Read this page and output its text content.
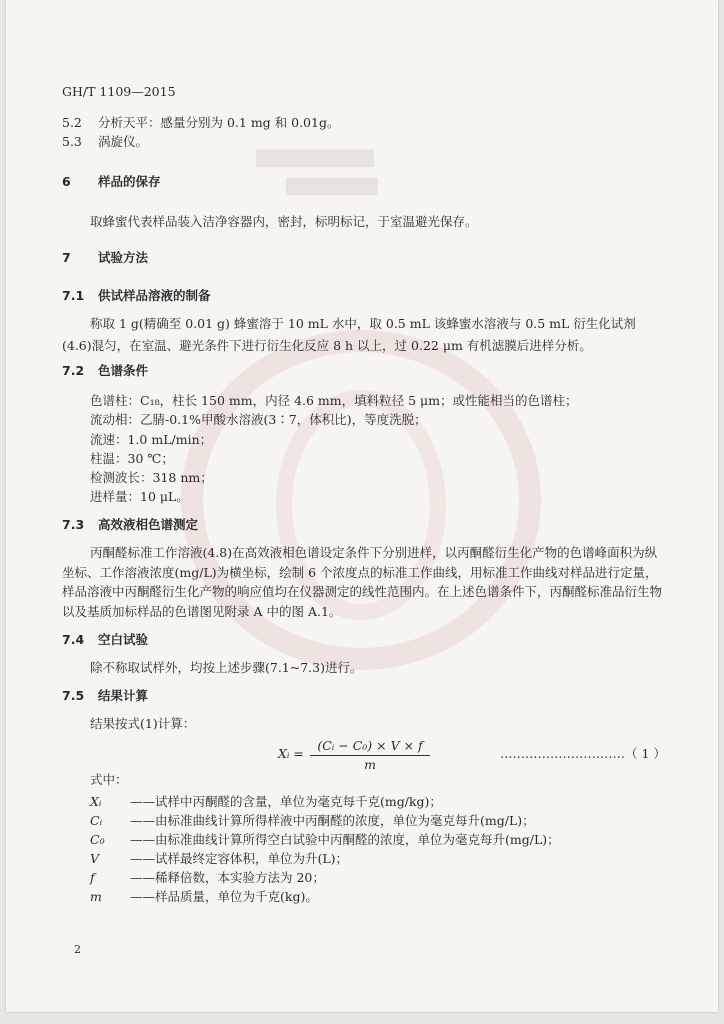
▇▇▇▇▇▇▇▇▇
▇▇▇▇▇▇▇
GH/T 1109—2015
5.2 分析天平：感量分别为 0.1 mg 和 0.01g。
5.3 涡旋仪。
6 样品的保存
取蜂蜜代表样品装入洁净容器内，密封，标明标记，于室温避光保存。
7 试验方法
7.1 供试样品溶液的制备
称取 1 g(精确至 0.01 g) 蜂蜜溶于 10 mL 水中，取 0.5 mL 该蜂蜜水溶液与 0.5 mL 衍生化试剂(4.6)混匀，在室温、避光条件下进行衍生化反应 8 h 以上，过 0.22 μm 有机滤膜后进样分析。
7.2 色谱条件
色谱柱：C₁₈，柱长 150 mm，内径 4.6 mm，填料粒径 5 μm；或性能相当的色谱柱；
流动相：乙腈-0.1%甲酸水溶液(3∶7，体积比)，等度洗脱；
流速：1.0 mL/min；
柱温：30 ℃；
检测波长：318 nm；
进样量：10 μL。
7.3 高效液相色谱测定
丙酮醛标准工作溶液(4.8)在高效液相色谱设定条件下分别进样，以丙酮醛衍生化产物的色谱峰面积为纵坐标、工作溶液浓度(mg/L)为横坐标，绘制 6 个浓度点的标准工作曲线，用标准工作曲线对样品进行定量，样品溶液中丙酮醛衍生化产物的响应值均在仪器测定的线性范围内。在上述色谱条件下，丙酮醛标准品衍生物以及基质加标样品的色谱图见附录 A 中的图 A.1。
7.4 空白试验
除不称取试样外，均按上述步骤(7.1~7.3)进行。
7.5 结果计算
结果按式(1)计算：
Xᵢ =
(Cᵢ − C₀) × V × f
m
…………………………（ 1 ）
式中：
Xᵢ ——试样中丙酮醛的含量，单位为毫克每千克(mg/kg)；
Cᵢ ——由标准曲线计算所得样液中丙酮醛的浓度，单位为毫克每升(mg/L)；
C₀ ——由标准曲线计算所得空白试验中丙酮醛的浓度，单位为毫克每升(mg/L)；
V ——试样最终定容体积，单位为升(L)；
f	——稀释倍数，本实验方法为 20；
m ——样品质量，单位为千克(kg)。
2
